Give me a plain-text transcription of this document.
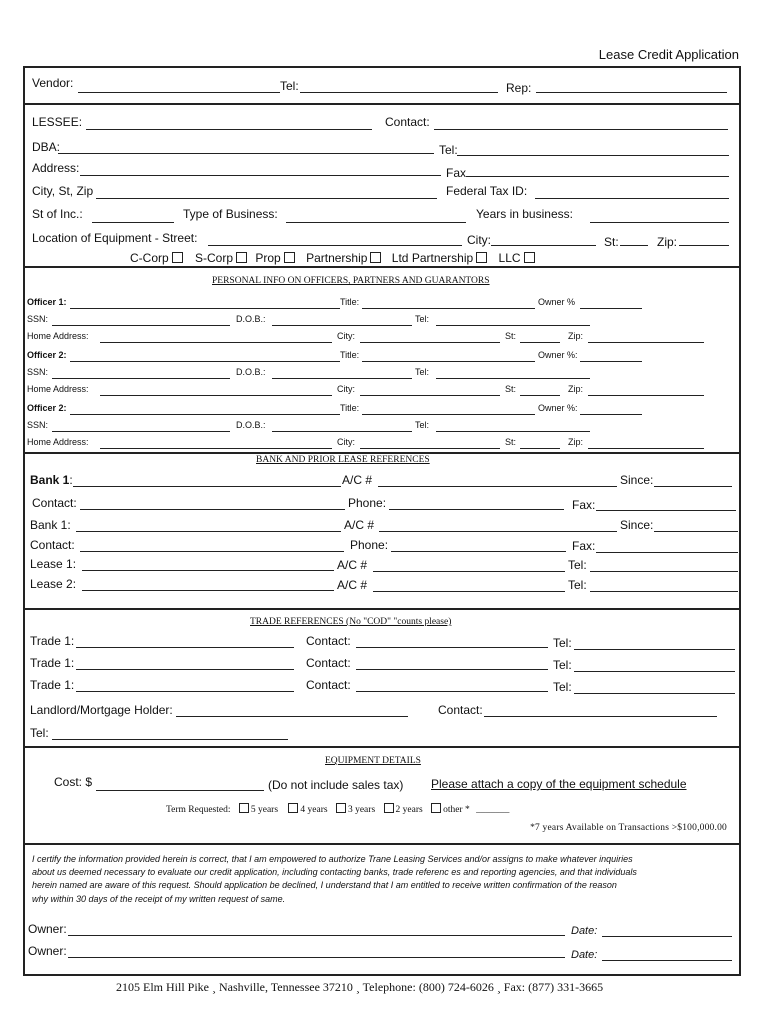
Lease Credit Application
Vendor:	Tel:	Rep:
LESSEE:	Contact:
DBA:	Tel:
Address:	Fax
City, St, Zip	Federal Tax ID:
St of Inc.:	Type of Business:	Years in business:
Location of Equipment - Street:	City:	St:	Zip:
C-Corp S-Corp Prop Partnership Ltd Partnership LLC
PERSONAL INFO ON OFFICERS, PARTNERS AND GUARANTORS
Officer 1:	Title:	Owner %
SSN:	D.O.B.:	Tel:
Home Address:	City:	St:	Zip:
Officer 2:	Title:	Owner %:
SSN:	D.O.B.:	Tel:
Home Address:	City:	St:	Zip:
Officer 2:	Title:	Owner %:
SSN:	D.O.B.:	Tel:
Home Address:	City:	St:	Zip:
BANK AND PRIOR LEASE REFERENCES
Bank 1:	A/C #	Since:
Contact:	Phone:	Fax:
Bank 1:	A/C #	Since:
Contact:	Phone:	Fax:
Lease 1:	A/C #	Tel:
Lease 2:	A/C #	Tel:
TRADE REFERENCES (No "COD" "counts please)
Trade 1:	Contact:	Tel:
Trade 1:	Contact:	Tel:
Trade 1:	Contact:	Tel:
Landlord/Mortgage Holder:	Contact:
Tel:
EQUIPMENT DETAILS
Cost: $	(Do not include sales tax) Please attach a copy of the equipment schedule
Term Requested: 5 years 4 years 3 years 2 years other * _______
*7 years Available on Transactions >$100,000.00
I certify the information provided herein is correct, that I am empowered to authorize Trane Leasing Services and/or assigns to make whatever inquiries
about us deemed necessary to evaluate our credit application, including contacting banks, trade referenc es and reporting agencies, and that individuals
herein named are aware of this request. Should application be declined, I understand that I am entitled to receive written confirmation of the reason
why within 30 days of the receipt of my written request of same.
Owner:	Date:
Owner:	Date:
2105 Elm Hill Pike ¸ Nashville, Tennessee 37210 ¸ Telephone: (800) 724-6026 ¸ Fax: (877) 331-3665
